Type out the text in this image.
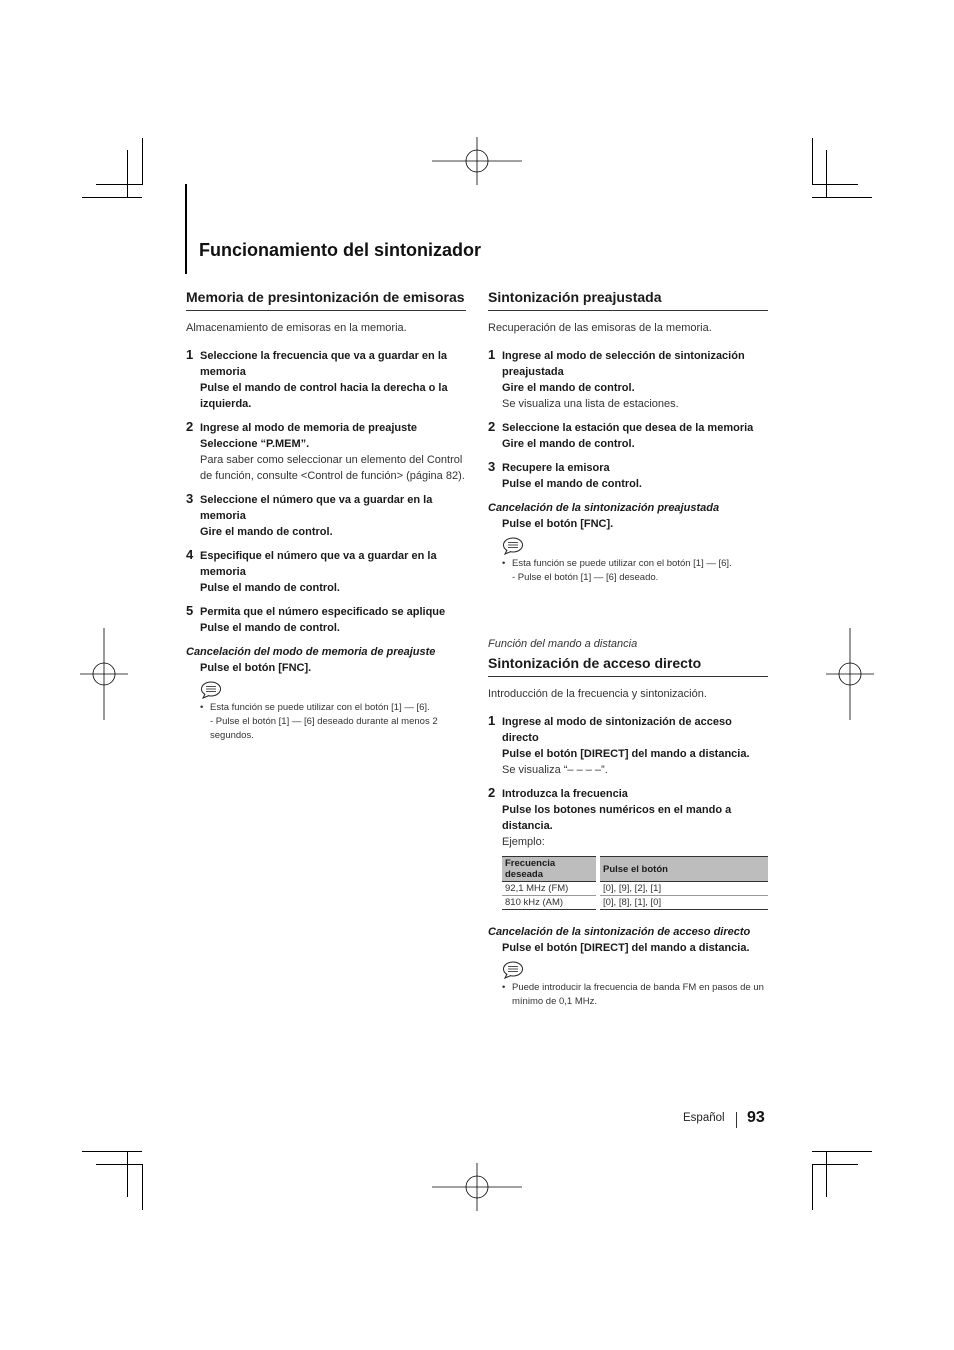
Funcionamiento del sintonizador
Memoria de presintonización de emisoras
Almacenamiento de emisoras en la memoria.
1 Seleccione la frecuencia que va a guardar en la memoria
Pulse el mando de control hacia la derecha o la izquierda.
2 Ingrese al modo de memoria de preajuste
Seleccione “P.MEM”.
Para saber como seleccionar un elemento del Control de función, consulte <Control de función> (página 82).
3 Seleccione el número que va a guardar en la memoria
Gire el mando de control.
4 Especifique el número que va a guardar en la memoria
Pulse el mando de control.
5 Permita que el número especificado se aplique
Pulse el mando de control.
Cancelación del modo de memoria de preajuste
Pulse el botón [FNC].
• Esta función se puede utilizar con el botón [1] — [6].
- Pulse el botón [1] — [6] deseado durante al menos 2 segundos.
Sintonización preajustada
Recuperación de las emisoras de la memoria.
1 Ingrese al modo de selección de sintonización preajustada
Gire el mando de control.
Se visualiza una lista de estaciones.
2 Seleccione la estación que desea de la memoria
Gire el mando de control.
3 Recupere la emisora
Pulse el mando de control.
Cancelación de la sintonización preajustada
Pulse el botón [FNC].
• Esta función se puede utilizar con el botón [1] — [6].
- Pulse el botón [1] — [6] deseado.
Función del mando a distancia
Sintonización de acceso directo
Introducción de la frecuencia y sintonización.
1 Ingrese al modo de sintonización de acceso directo
Pulse el botón [DIRECT] del mando a distancia.
Se visualiza “– – – –”.
2 Introduzca la frecuencia
Pulse los botones numéricos en el mando a distancia.
Ejemplo:
Frecuencia deseada	Pulse el botón
92,1 MHz (FM)	[0], [9], [2], [1]
810 kHz (AM)	[0], [8], [1], [0]
Cancelación de la sintonización de acceso directo
Pulse el botón [DIRECT] del mando a distancia.
• Puede introducir la frecuencia de banda FM en pasos de un mínimo de 0,1 MHz.
Español 93
